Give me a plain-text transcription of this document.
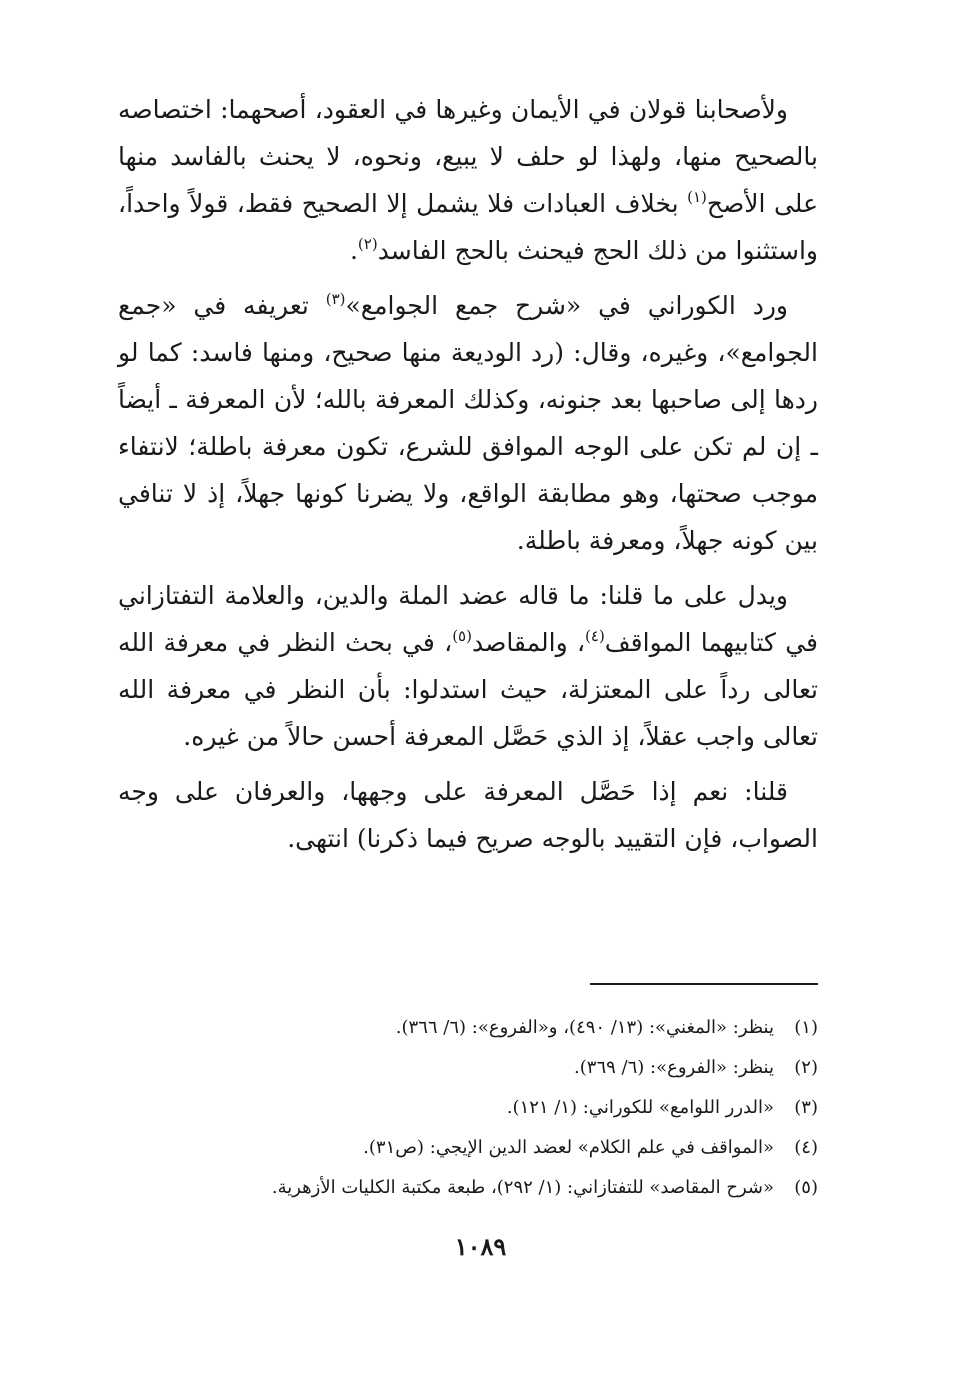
ولأصحابنا قولان في الأيمان وغيرها في العقود، أصحهما: اختصاصه بالصحيح منها، ولهذا لو حلف لا يبيع، ونحوه، لا يحنث بالفاسد منها على الأصح$^{(١)}$ بخلاف العبادات فلا يشمل إلا الصحيح فقط، قولاً واحداً، واستثنوا من ذلك الحج فيحنث بالحج الفاسد$^{(٢)}$.

ورد الكوراني في «شرح جمع الجوامع»$^{(٣)}$ تعريفه في «جمع الجوامع»، وغيره، وقال: (رد الوديعة منها صحيح، ومنها فاسد: كما لو ردها إلى صاحبها بعد جنونه، وكذلك المعرفة بالله؛ لأن المعرفة ـ أيضاً ـ إن لم تكن على الوجه الموافق للشرع، تكون معرفة باطلة؛ لانتفاء موجب صحتها، وهو مطابقة الواقع، ولا يضرنا كونها جهلاً، إذ لا تنافي بين كونه جهلاً، ومعرفة باطلة.

ويدل على ما قلنا: ما قاله عضد الملة والدين، والعلامة التفتازاني في كتابيهما المواقف$^{(٤)}$، والمقاصد$^{(٥)}$، في بحث النظر في معرفة الله تعالى رداً على المعتزلة، حيث استدلوا: بأن النظر في معرفة الله تعالى واجب عقلاً، إذ الذي حَصَّل المعرفة أحسن حالاً من غيره.

قلنا: نعم إذا حَصَّل المعرفة على وجهها، والعرفان على وجه الصواب، فإن التقييد بالوجه صريح فيما ذكرنا) انتهى.

(١)
ينظر: «المغني»: (١٣/ ٤٩٠)، و«الفروع»: (٦/ ٣٦٦).
(٢)
ينظر: «الفروع»: (٦/ ٣٦٩).
(٣)
«الدرر اللوامع» للكوراني: (١/ ١٢١).
(٤)
«المواقف في علم الكلام» لعضد الدين الإيجي: (ص٣١).
(٥)
«شرح المقاصد» للتفتازاني: (١/ ٢٩٢)، طبعة مكتبة الكليات الأزهرية.
١٠٨٩
